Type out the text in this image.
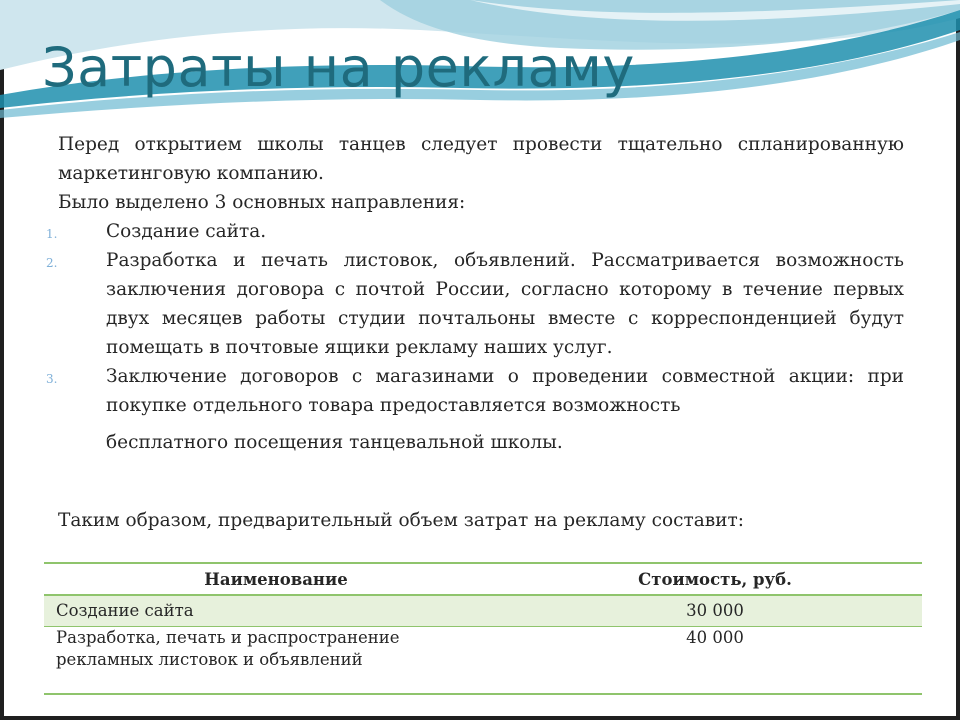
Затраты на рекламу

Перед открытием школы танцев следует провести тщательно спланированную маркетинговую компанию.

Было выделено 3 основных направления:

1.	Создание сайта.
2.	Разработка и печать листовок, объявлений. Рассматривается возможность заключения договора с почтой России, согласно которому в течение первых двух месяцев работы студии почтальоны вместе с корреспонденцией будут помещать в почтовые ящики рекламу наших услуг.
3.	Заключение договоров с магазинами о проведении совместной акции: при покупке отдельного товара предоставляется возможность
бесплатного посещения танцевальной школы.

Таким образом, предварительный объем затрат на рекламу составит:

Наименование	Стоимость, руб.
Создание сайта	30 000
Разработка, печать и распространение рекламных листовок и объявлений	40 000
